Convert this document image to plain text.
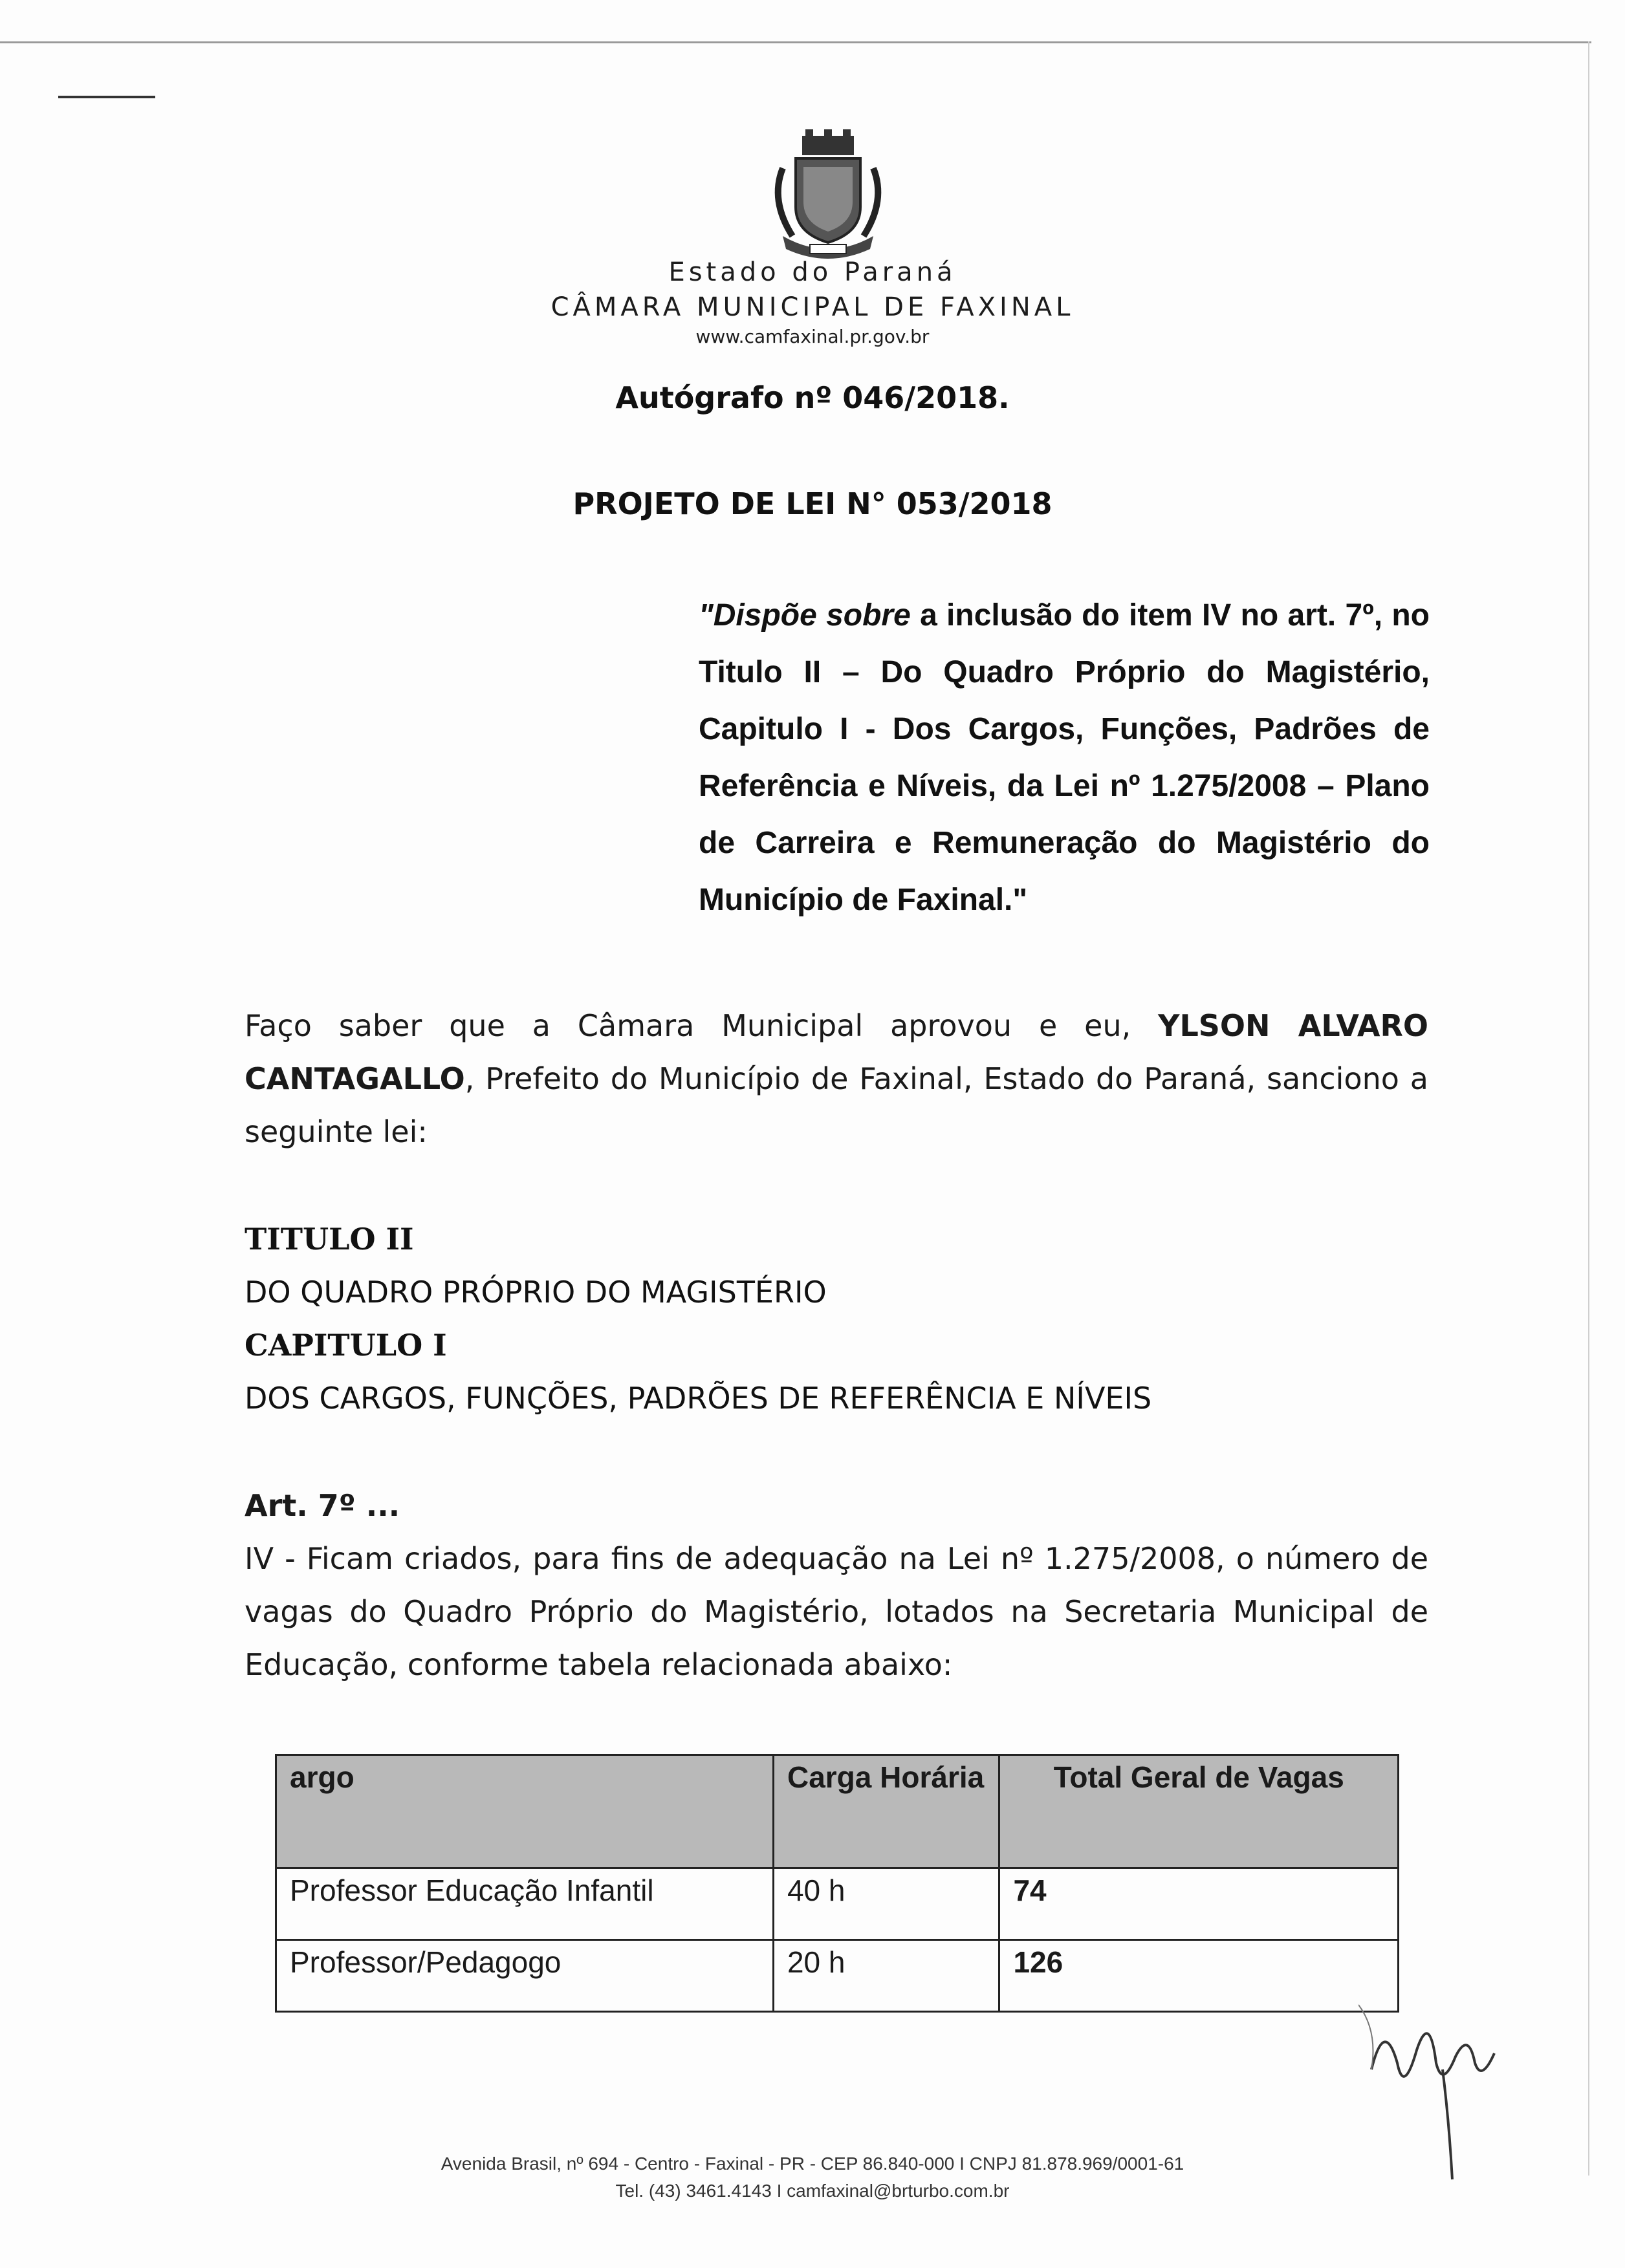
Estado do Paraná
CÂMARA MUNICIPAL DE FAXINAL
www.camfaxinal.pr.gov.br
Autógrafo nº 046/2018.
PROJETO DE LEI N° 053/2018
"Dispõe sobre a inclusão do item IV no art. 7º, no Titulo II – Do Quadro Próprio do Magistério, Capitulo I - Dos Cargos, Funções, Padrões de Referência e Níveis, da Lei nº 1.275/2008 – Plano de Carreira e Remuneração do Magistério do Município de Faxinal."
Faço saber que a Câmara Municipal aprovou e eu, YLSON ALVARO CANTAGALLO, Prefeito do Município de Faxinal, Estado do Paraná, sanciono a seguinte lei:
TITULO II
DO QUADRO PRÓPRIO DO MAGISTÉRIO
CAPITULO I
DOS CARGOS, FUNÇÕES, PADRÕES DE REFERÊNCIA E NÍVEIS
Art. 7º ...
IV - Ficam criados, para fins de adequação na Lei nº 1.275/2008, o número de vagas do Quadro Próprio do Magistério, lotados na Secretaria Municipal de Educação, conforme tabela relacionada abaixo:
argo	Carga Horária	Total Geral de Vagas
Professor Educação Infantil	40 h	74
Professor/Pedagogo	20 h	126
Avenida Brasil, nº 694 - Centro - Faxinal - PR - CEP 86.840-000 I CNPJ 81.878.969/0001-61
Tel. (43) 3461.4143 I camfaxinal@brturbo.com.br
